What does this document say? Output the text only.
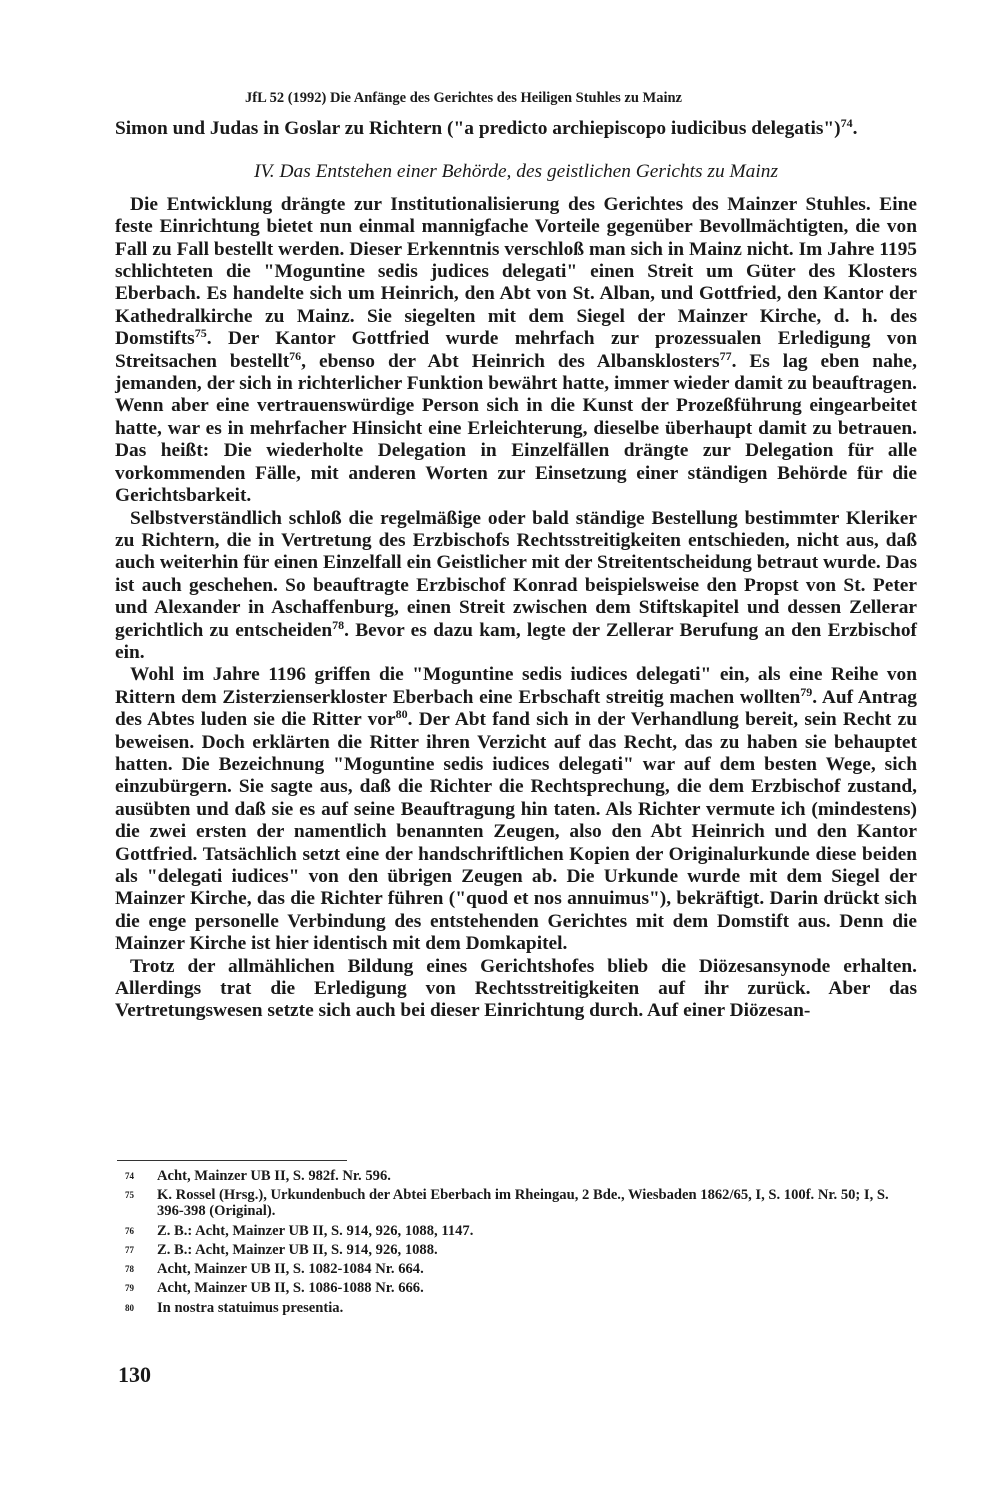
JfL 52 (1992) Die Anfänge des Gerichtes des Heiligen Stuhles zu Mainz

Simon und Judas in Goslar zu Richtern ("a predicto archiepiscopo iudicibus delegatis")$^{74}$.

IV. Das Entstehen einer Behörde, des geistlichen Gerichts zu Mainz

Die Entwicklung drängte zur Institutionalisierung des Gerichtes des Mainzer Stuhles. Eine feste Einrichtung bietet nun einmal mannigfache Vorteile gegenüber Bevollmächtigten, die von Fall zu Fall bestellt werden. Dieser Erkenntnis verschloß man sich in Mainz nicht. Im Jahre 1195 schlichteten die "Moguntine sedis judices delegati" einen Streit um Güter des Klosters Eberbach. Es handelte sich um Heinrich, den Abt von St. Alban, und Gottfried, den Kantor der Kathedralkirche zu Mainz. Sie siegelten mit dem Siegel der Mainzer Kirche, d. h. des Domstifts$^{75}$. Der Kantor Gottfried wurde mehrfach zur prozessualen Erledigung von Streitsachen bestellt$^{76}$, ebenso der Abt Heinrich des Albansklosters$^{77}$. Es lag eben nahe, jemanden, der sich in richterlicher Funktion bewährt hatte, immer wieder damit zu beauftragen. Wenn aber eine vertrauenswürdige Person sich in die Kunst der Prozeßführung eingearbeitet hatte, war es in mehrfacher Hinsicht eine Erleichterung, dieselbe überhaupt damit zu betrauen. Das heißt: Die wiederholte Delegation in Einzelfällen drängte zur Delegation für alle vorkommenden Fälle, mit anderen Worten zur Einsetzung einer ständigen Behörde für die Gerichtsbarkeit.

Selbstverständlich schloß die regelmäßige oder bald ständige Bestellung bestimmter Kleriker zu Richtern, die in Vertretung des Erzbischofs Rechtsstreitigkeiten entschieden, nicht aus, daß auch weiterhin für einen Einzelfall ein Geistlicher mit der Streitentscheidung betraut wurde. Das ist auch geschehen. So beauftragte Erzbischof Konrad beispielsweise den Propst von St. Peter und Alexander in Aschaffenburg, einen Streit zwischen dem Stiftskapitel und dessen Zellerar gerichtlich zu entscheiden$^{78}$. Bevor es dazu kam, legte der Zellerar Berufung an den Erzbischof ein.

Wohl im Jahre 1196 griffen die "Moguntine sedis iudices delegati" ein, als eine Reihe von Rittern dem Zisterzienserkloster Eberbach eine Erbschaft streitig machen wollten$^{79}$. Auf Antrag des Abtes luden sie die Ritter vor$^{80}$. Der Abt fand sich in der Verhandlung bereit, sein Recht zu beweisen. Doch erklärten die Ritter ihren Verzicht auf das Recht, das zu haben sie behauptet hatten. Die Bezeichnung "Moguntine sedis iudices delegati" war auf dem besten Wege, sich einzubürgern. Sie sagte aus, daß die Richter die Rechtsprechung, die dem Erzbischof zustand, ausübten und daß sie es auf seine Beauftragung hin taten. Als Richter vermute ich (mindestens) die zwei ersten der namentlich benannten Zeugen, also den Abt Heinrich und den Kantor Gottfried. Tatsächlich setzt eine der handschriftlichen Kopien der Originalurkunde diese beiden als "delegati iudices" von den übrigen Zeugen ab. Die Urkunde wurde mit dem Siegel der Mainzer Kirche, das die Richter führen ("quod et nos annuimus"), bekräftigt. Darin drückt sich die enge personelle Verbindung des entstehenden Gerichtes mit dem Domstift aus. Denn die Mainzer Kirche ist hier identisch mit dem Domkapitel.

Trotz der allmählichen Bildung eines Gerichtshofes blieb die Diözesansynode erhalten. Allerdings trat die Erledigung von Rechtsstreitigkeiten auf ihr zurück. Aber das Vertretungswesen setzte sich auch bei dieser Einrichtung durch. Auf einer Diözesan-

74	Acht, Mainzer UB II, S. 982f. Nr. 596.
75	K. Rossel (Hrsg.), Urkundenbuch der Abtei Eberbach im Rheingau, 2 Bde., Wiesbaden 1862/65, I, S. 100f. Nr. 50; I, S. 396-398 (Original).
76	Z. B.: Acht, Mainzer UB II, S. 914, 926, 1088, 1147.
77	Z. B.: Acht, Mainzer UB II, S. 914, 926, 1088.
78	Acht, Mainzer UB II, S. 1082-1084 Nr. 664.
79	Acht, Mainzer UB II, S. 1086-1088 Nr. 666.
80	In nostra statuimus presentia.
130
